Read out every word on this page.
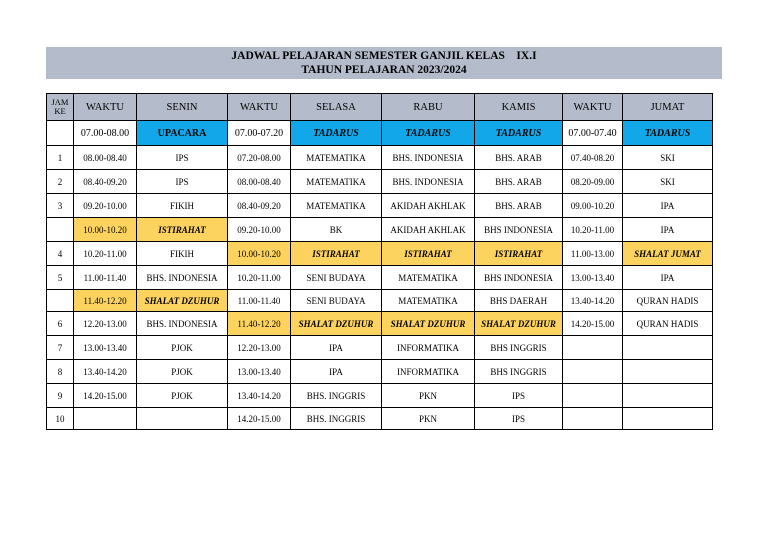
JADWAL PELAJARAN SEMESTER GANJIL KELAS    IX.I
TAHUN PELAJARAN 2023/2024
JAM
KE	WAKTU	SENIN	WAKTU	SELASA	RABU	KAMIS	WAKTU	JUMAT
	07.00-08.00	UPACARA	07.00-07.20	TADARUS	TADARUS	TADARUS	07.00-07.40	TADARUS
1	08.00-08.40	IPS	07.20-08.00	MATEMATIKA	BHS. INDONESIA	BHS. ARAB	07.40-08.20	SKI
2	08.40-09.20	IPS	08.00-08.40	MATEMATIKA	BHS. INDONESIA	BHS. ARAB	08.20-09.00	SKI
3	09.20-10.00	FIKIH	08.40-09.20	MATEMATIKA	AKIDAH AKHLAK	BHS. ARAB	09.00-10.20	IPA
	10.00-10.20	ISTIRAHAT	09.20-10.00	BK	AKIDAH AKHLAK	BHS INDONESIA	10.20-11.00	IPA
4	10.20-11.00	FIKIH	10.00-10.20	ISTIRAHAT	ISTIRAHAT	ISTIRAHAT	11.00-13.00	SHALAT JUMAT
5	11.00-11.40	BHS. INDONESIA	10.20-11.00	SENI BUDAYA	MATEMATIKA	BHS INDONESIA	13.00-13.40	IPA
	11.40-12.20	SHALAT DZUHUR	11.00-11.40	SENI BUDAYA	MATEMATIKA	BHS DAERAH	13.40-14.20	QURAN HADIS
6	12.20-13.00	BHS. INDONESIA	11.40-12.20	SHALAT DZUHUR	SHALAT DZUHUR	SHALAT DZUHUR	14.20-15.00	QURAN HADIS
7	13.00-13.40	PJOK	12.20-13.00	IPA	INFORMATIKA	BHS INGGRIS		
8	13.40-14.20	PJOK	13.00-13.40	IPA	INFORMATIKA	BHS INGGRIS		
9	14.20-15.00	PJOK	13.40-14.20	BHS. INGGRIS	PKN	IPS		
10			14.20-15.00	BHS. INGGRIS	PKN	IPS		
